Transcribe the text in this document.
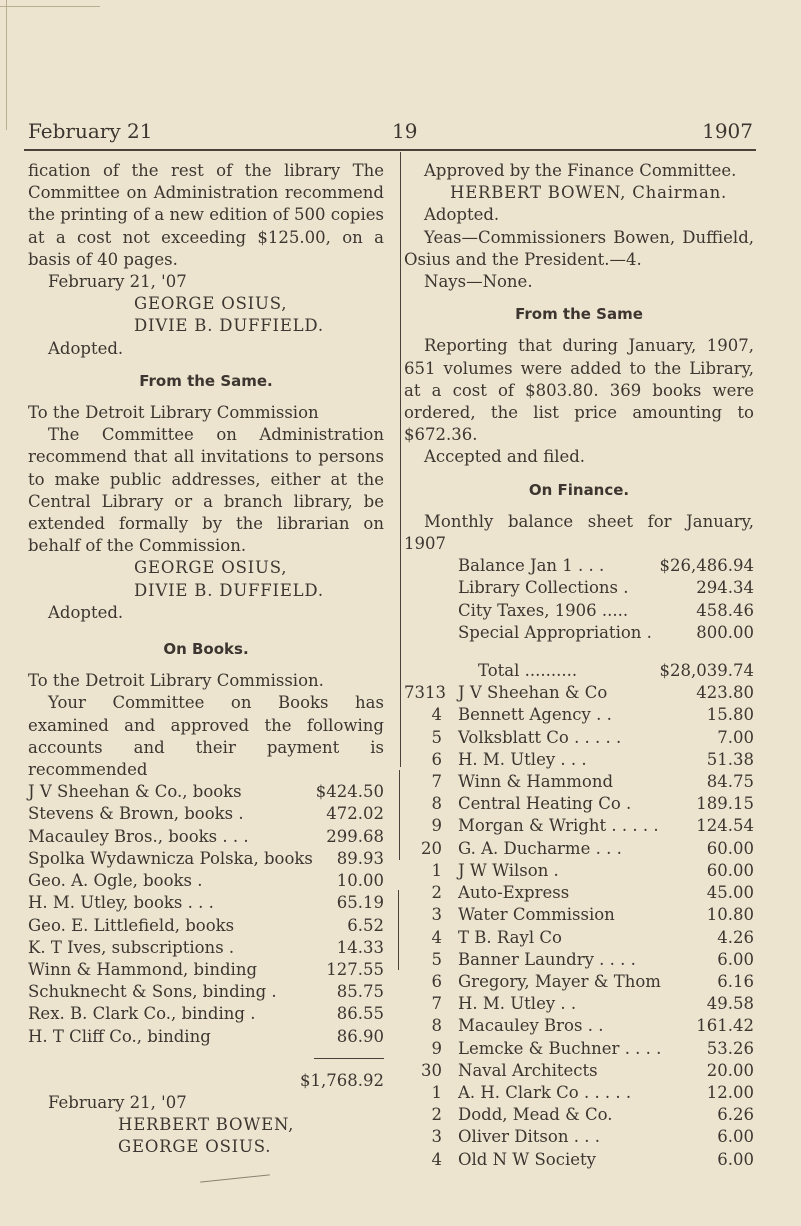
February 21	19	1907

fication of the rest of the library The Committee on Administration recommend the printing of a new edition of 500 copies at a cost not exceeding $125.00, on a basis of 40 pages.

February 21, '07

GEORGE OSIUS,

DIVIE B. DUFFIELD.

Adopted.

From the Same.

To the Detroit Library Commission

The Committee on Administration recommend that all invitations to persons to make public addresses, either at the Central Library or a branch library, be extended formally by the librarian on behalf of the Commission.

GEORGE OSIUS,

DIVIE B. DUFFIELD.

Adopted.

On Books.

To the Detroit Library Commission.

Your Committee on Books has examined and approved the following accounts and their payment is recommended

J V Sheehan & Co., books	$424.50
Stevens & Brown, books .	472.02
Macauley Bros., books . . .	299.68
Spolka Wydawnicza Polska, books 89.93
Geo. A. Ogle, books .	10.00
H. M. Utley, books . . .	65.19
Geo. E. Littlefield, books	6.52
K. T Ives, subscriptions .	14.33
Winn & Hammond, binding	127.55
Schuknecht & Sons, binding .	85.75
Rex. B. Clark Co., binding .	86.55
H. T Cliff Co., binding	86.90

$1,768.92

February 21, '07

HERBERT BOWEN,

GEORGE OSIUS.

Approved by the Finance Committee.

HERBERT BOWEN, Chairman.

Adopted.

Yeas—Commissioners Bowen, Duffield, Osius and the President.—4.

Nays—None.

From the Same

Reporting that during January, 1907, 651 volumes were added to the Library, at a cost of $803.80. 369 books were ordered, the list price amounting to $672.36.

Accepted and filed.

On Finance.

Monthly balance sheet for January, 1907

Balance Jan 1 . . .	$26,486.94
Library Collections .	294.34
City Taxes, 1906 .....	458.46
Special Appropriation .	800.00
Total ..........	$28,039.74
7313 J V Sheehan & Co	423.80
4 Bennett Agency . .	15.80
5 Volksblatt Co . . . . .	7.00
6 H. M. Utley . . .	51.38
7 Winn & Hammond	84.75
8 Central Heating Co .	189.15
9 Morgan & Wright . . . . .	124.54
20 G. A. Ducharme . . .	60.00
1 J W Wilson .	60.00
2 Auto-Express	45.00
3 Water Commission	10.80
4 T B. Rayl Co	4.26
5 Banner Laundry . . . .	6.00
6 Gregory, Mayer & Thom	6.16
7 H. M. Utley . .	49.58
8 Macauley Bros . .	161.42
9 Lemcke & Buchner . . . .	53.26
30 Naval Architects	20.00
1 A. H. Clark Co . . . . .	12.00
2 Dodd, Mead & Co.	6.26
3 Oliver Ditson . . .	6.00
4 Old N W Society	6.00
